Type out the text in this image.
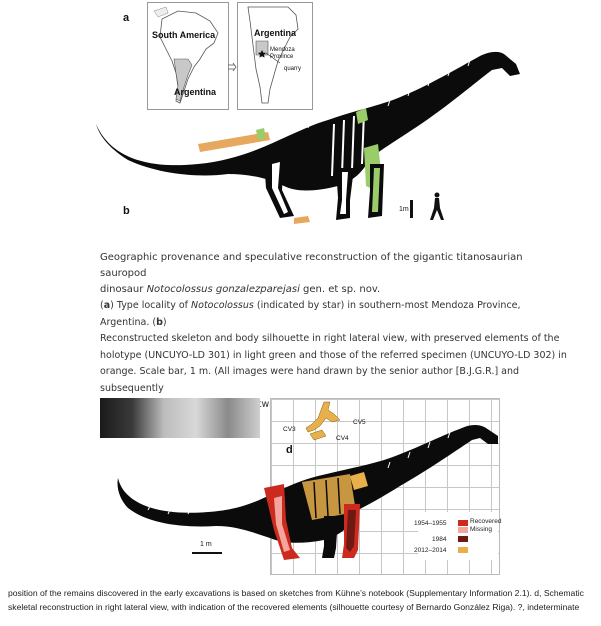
a
South America
Argentina
Argentina
Mendoza
Province
quarry
b	1m
Geographic provenance and speculative reconstruction of the gigantic titanosaurian sauropod
dinosaur Notocolossus gonzalezparejasi gen. et sp. nov.
(a) Type locality of Notocolossus (indicated by star) in southern-most Mendoza Province, Argentina. (b)
Reconstructed skeleton and body silhouette in right lateral view, with preserved elements of the
holotype (UNCUYO-LD 301) in light green and those of the referred specimen (UNCUYO-LD 302) in
orange. Scale bar, 1 m. (All images were hand drawn by the senior author [B.J.G.R.] and subsequently
software.)
d
CV3
CV4
CV5
1 m
1954–1955	Recovered
Missing
1984
2012–2014
position of the remains discovered in the early excavations is based on sketches from Kühne’s notebook (Supplementary Information 2.1). d, Schematic
skeletal reconstruction in right lateral view, with indication of the recovered elements (silhouette courtesy of Bernardo González Riga). ?, indeterminate
